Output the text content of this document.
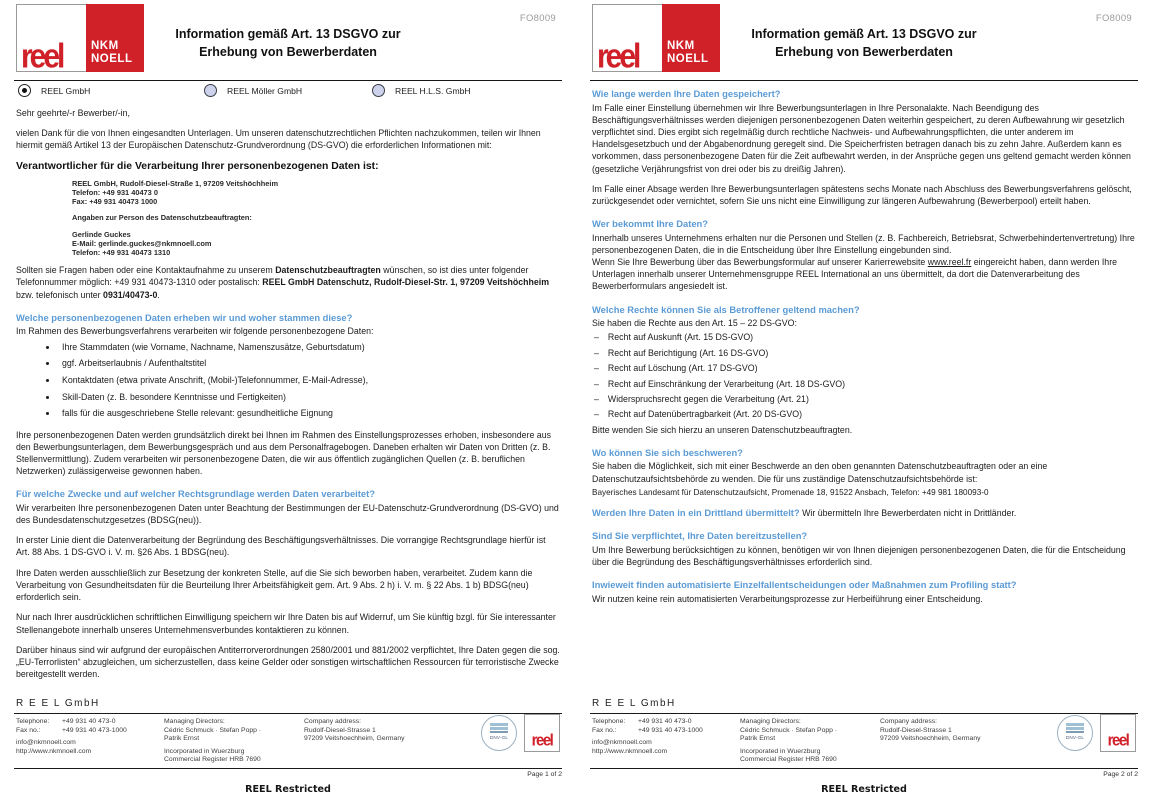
reel NKM
NOELL
Information gemäß Art. 13 DSGVO zur
Erhebung von Bewerberdaten
FO8009
REEL GmbH	REEL Möller GmbH	REEL H.L.S. GmbH

Sehr geehrte/-r Bewerber/-in,

vielen Dank für die von Ihnen eingesandten Unterlagen. Um unseren datenschutzrechtlichen Pflichten nachzukommen, teilen wir Ihnen hiermit gemäß Artikel 13 der Europäischen Datenschutz-Grundverordnung (DS-GVO) die erforderlichen Informationen mit:

Verantwortlicher für die Verarbeitung Ihrer personenbezogenen Daten ist:
REEL GmbH, Rudolf-Diesel-Straße 1, 97209 Veitshöchheim
Telefon: +49 931 40473 0
Fax: +49 931 40473 1000
Angaben zur Person des Datenschutzbeauftragten:
Gerlinde Guckes
E-Mail: gerlinde.guckes@nkmnoell.com
Telefon: +49 931 40473 1310

Sollten sie Fragen haben oder eine Kontaktaufnahme zu unserem Datenschutzbeauftragten wünschen, so ist dies unter folgender Telefonnummer möglich: +49 931 40473-1310 oder postalisch: REEL GmbH Datenschutz, Rudolf-Diesel-Str. 1, 97209 Veitshöchheim bzw. telefonisch unter 0931/40473-0.

Welche personenbezogenen Daten erheben wir und woher stammen diese?
Im Rahmen des Bewerbungsverfahrens verarbeiten wir folgende personenbezogene Daten:
• Ihre Stammdaten (wie Vorname, Nachname, Namenszusätze, Geburtsdatum)
• ggf. Arbeitserlaubnis / Aufenthaltstitel
• Kontaktdaten (etwa private Anschrift, (Mobil-)Telefonnummer, E-Mail-Adresse),
• Skill-Daten (z. B. besondere Kenntnisse und Fertigkeiten)
• falls für die ausgeschriebene Stelle relevant: gesundheitliche Eignung

Ihre personenbezogenen Daten werden grundsätzlich direkt bei Ihnen im Rahmen des Einstellungsprozesses erhoben, insbesondere aus den Bewerbungsunterlagen, dem Bewerbungsgespräch und aus dem Personalfragebogen. Daneben erhalten wir Daten von Dritten (z. B. Stellenvermittlung). Zudem verarbeiten wir personenbezogene Daten, die wir aus öffentlich zugänglichen Quellen (z. B. beruflichen Netzwerken) zulässigerweise gewonnen haben.

Für welche Zwecke und auf welcher Rechtsgrundlage werden Daten verarbeitet?

Wir verarbeiten Ihre personenbezogenen Daten unter Beachtung der Bestimmungen der EU-Datenschutz-Grundverordnung (DS-GVO) und des Bundesdatenschutzgesetzes (BDSG(neu)).

In erster Linie dient die Datenverarbeitung der Begründung des Beschäftigungsverhältnisses. Die vorrangige Rechtsgrundlage hierfür ist Art. 88 Abs. 1 DS-GVO i. V. m. §26 Abs. 1 BDSG(neu).

Ihre Daten werden ausschließlich zur Besetzung der konkreten Stelle, auf die Sie sich beworben haben, verarbeitet. Zudem kann die Verarbeitung von Gesundheitsdaten für die Beurteilung Ihrer Arbeitsfähigkeit gem. Art. 9 Abs. 2 h) i. V. m. § 22 Abs. 1 b) BDSG(neu) erforderlich sein.

Nur nach Ihrer ausdrücklichen schriftlichen Einwilligung speichern wir Ihre Daten bis auf Widerruf, um Sie künftig bzgl. für Sie interessanter Stellenangebote innerhalb unseres Unternehmensverbundes kontaktieren zu können.

Darüber hinaus sind wir aufgrund der europäischen Antiterrorverordnungen 2580/2001 und 881/2002 verpflichtet, Ihre Daten gegen die sog. „EU-Terrorlisten“ abzugleichen, um sicherzustellen, dass keine Gelder oder sonstigen wirtschaftlichen Ressourcen für terroristische Zwecke bereitgestellt werden.

R E E L GmbH
Telephone:	+49 931 40 473-0
Fax no.:	+49 931 40 473-1000
info@nkmnoell.com
http://www.nkmnoell.com
Managing Directors:
Cédric Schmuck · Stefan Popp ·
Patrik Ernst
Incorporated in Wuerzburg
Commercial Register HRB 7690
Company address:
Rudolf-Diesel-Strasse 1
97209 Veitshoechheim, Germany	DNV-GL reel
Page 1 of 2
REEL Restricted
reel NKM
NOELL
Information gemäß Art. 13 DSGVO zur
Erhebung von Bewerberdaten
FO8009
Wie lange werden Ihre Daten gespeichert?

Im Falle einer Einstellung übernehmen wir Ihre Bewerbungsunterlagen in Ihre Personalakte. Nach Beendigung des Beschäftigungsverhältnisses werden diejenigen personenbezogenen Daten weiterhin gespeichert, zu deren Aufbewahrung wir gesetzlich verpflichtet sind. Dies ergibt sich regelmäßig durch rechtliche Nachweis- und Aufbewahrungspflichten, die unter anderem im Handelsgesetzbuch und der Abgabenordnung geregelt sind. Die Speicherfristen betragen danach bis zu zehn Jahre. Außerdem kann es vorkommen, dass personenbezogene Daten für die Zeit aufbewahrt werden, in der Ansprüche gegen uns geltend gemacht werden können (gesetzliche Verjährungsfrist von drei oder bis zu dreißig Jahren).

Im Falle einer Absage werden Ihre Bewerbungsunterlagen spätestens sechs Monate nach Abschluss des Bewerbungsverfahrens gelöscht, zurückgesendet oder vernichtet, sofern Sie uns nicht eine Einwilligung zur längeren Aufbewahrung (Bewerberpool) erteilt haben.

Wer bekommt Ihre Daten?

Innerhalb unseres Unternehmens erhalten nur die Personen und Stellen (z. B. Fachbereich, Betriebsrat, Schwerbehindertenvertretung) Ihre personenbezogenen Daten, die in die Entscheidung über Ihre Einstellung eingebunden sind.

Wenn Sie Ihre Bewerbung über das Bewerbungsformular auf unserer Karierrewebsite www.reel.fr eingereicht haben, dann werden Ihre Unterlagen innerhalb unserer Unternehmensgruppe REEL International an uns übermittelt, da dort die Datenverarbeitung des Bewerberformulars angesiedelt ist.

Welche Rechte können Sie als Betroffener geltend machen?
Sie haben die Rechte aus den Art. 15 – 22 DS-GVO:
– Recht auf Auskunft (Art. 15 DS-GVO)
– Recht auf Berichtigung (Art. 16 DS-GVO)
– Recht auf Löschung (Art. 17 DS-GVO)
– Recht auf Einschränkung der Verarbeitung (Art. 18 DS-GVO)
– Widerspruchsrecht gegen die Verarbeitung (Art. 21)
– Recht auf Datenübertragbarkeit (Art. 20 DS-GVO)
Bitte wenden Sie sich hierzu an unseren Datenschutzbeauftragten.
Wo können Sie sich beschweren?

Sie haben die Möglichkeit, sich mit einer Beschwerde an den oben genannten Datenschutzbeauftragten oder an eine Datenschutzaufsichtsbehörde zu wenden. Die für uns zuständige Datenschutzaufsichtsbehörde ist:

Bayerisches Landesamt für Datenschutzaufsicht, Promenade 18, 91522 Ansbach, Telefon: +49 981 180093-0

Werden Ihre Daten in ein Drittland übermittelt? Wir übermitteln Ihre Bewerberdaten nicht in Drittländer.

Sind Sie verpflichtet, Ihre Daten bereitzustellen?

Um Ihre Bewerbung berücksichtigen zu können, benötigen wir von Ihnen diejenigen personenbezogenen Daten, die für die Entscheidung über die Begründung des Beschäftigungsverhältnisses erforderlich sind.

Inwieweit finden automatisierte Einzelfallentscheidungen oder Maßnahmen zum Profiling statt?

Wir nutzen keine rein automatisierten Verarbeitungsprozesse zur Herbeiführung einer Entscheidung.

R E E L GmbH
Telephone:	+49 931 40 473-0
Fax no.:	+49 931 40 473-1000
info@nkmnoell.com
http://www.nkmnoell.com
Managing Directors:
Cédric Schmuck · Stefan Popp ·
Patrik Ernst
Incorporated in Wuerzburg
Commercial Register HRB 7690
Company address:
Rudolf-Diesel-Strasse 1
97209 Veitshoechheim, Germany	DNV-GL reel
Page 2 of 2
REEL Restricted
